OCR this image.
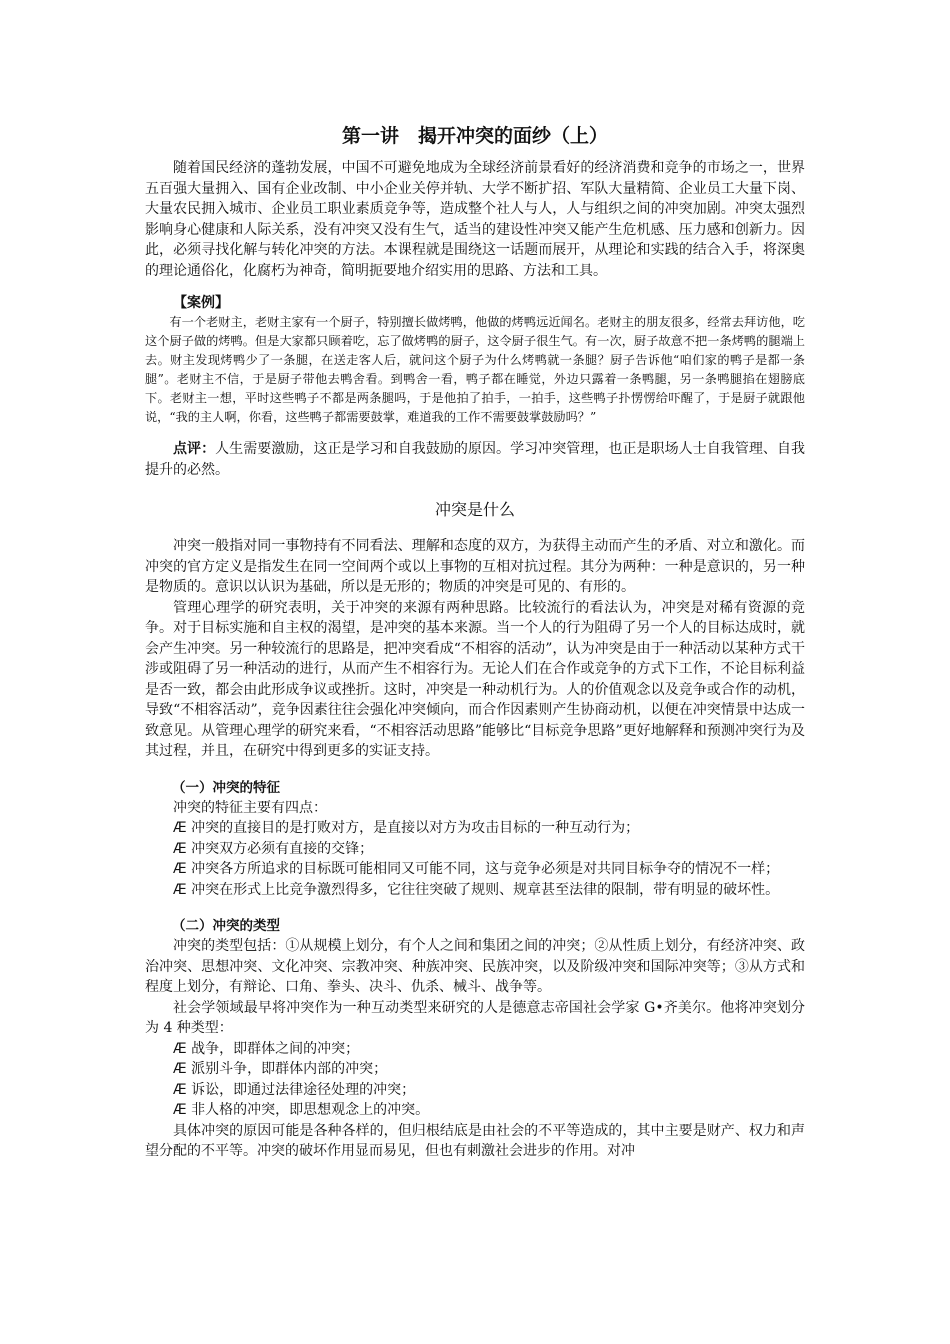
第一讲　揭开冲突的面纱（上）

随着国民经济的蓬勃发展，中国不可避免地成为全球经济前景看好的经济消费和竞争的市场之一，世界五百强大量拥入、国有企业改制、中小企业关停并轨、大学不断扩招、军队大量精简、企业员工大量下岗、大量农民拥入城市、企业员工职业素质竞争等，造成整个社人与人，人与组织之间的冲突加剧。冲突太强烈影响身心健康和人际关系，没有冲突又没有生气，适当的建设性冲突又能产生危机感、压力感和创新力。因此，必须寻找化解与转化冲突的方法。本课程就是围绕这一话题而展开，从理论和实践的结合入手，将深奥的理论通俗化，化腐朽为神奇，简明扼要地介绍实用的思路、方法和工具。

【案例】

有一个老财主，老财主家有一个厨子，特别擅长做烤鸭，他做的烤鸭远近闻名。老财主的朋友很多，经常去拜访他，吃这个厨子做的烤鸭。但是大家都只顾着吃，忘了做烤鸭的厨子，这令厨子很生气。有一次，厨子故意不把一条烤鸭的腿端上去。财主发现烤鸭少了一条腿，在送走客人后，就问这个厨子为什么烤鸭就一条腿？厨子告诉他“咱们家的鸭子是都一条腿”。老财主不信，于是厨子带他去鸭舍看。到鸭舍一看，鸭子都在睡觉，外边只露着一条鸭腿，另一条鸭腿掐在翅膀底下。老财主一想，平时这些鸭子不都是两条腿吗，于是他拍了拍手，一拍手，这些鸭子扑愣愣给吓醒了，于是厨子就跟他说，“我的主人啊，你看，这些鸭子都需要鼓掌，难道我的工作不需要鼓掌鼓励吗？”

点评：人生需要激励，这正是学习和自我鼓励的原因。学习冲突管理，也正是职场人士自我管理、自我提升的必然。

冲突是什么

冲突一般指对同一事物持有不同看法、理解和态度的双方，为获得主动而产生的矛盾、对立和激化。而冲突的官方定义是指发生在同一空间两个或以上事物的互相对抗过程。其分为两种：一种是意识的，另一种是物质的。意识以认识为基础，所以是无形的；物质的冲突是可见的、有形的。

管理心理学的研究表明，关于冲突的来源有两种思路。比较流行的看法认为，冲突是对稀有资源的竞争。对于目标实施和自主权的渴望，是冲突的基本来源。当一个人的行为阻碍了另一个人的目标达成时，就会产生冲突。另一种较流行的思路是，把冲突看成“不相容的活动”，认为冲突是由于一种活动以某种方式干涉或阻碍了另一种活动的进行，从而产生不相容行为。无论人们在合作或竞争的方式下工作，不论目标利益是否一致，都会由此形成争议或挫折。这时，冲突是一种动机行为。人的价值观念以及竞争或合作的动机，导致“不相容活动”，竞争因素往往会强化冲突倾向，而合作因素则产生协商动机，以便在冲突情景中达成一致意见。从管理心理学的研究来看，“不相容活动思路”能够比“目标竞争思路”更好地解释和预测冲突行为及其过程，并且，在研究中得到更多的实证支持。

（一）冲突的特征

冲突的特征主要有四点：

Æ 冲突的直接目的是打败对方，是直接以对方为攻击目标的一种互动行为；

Æ 冲突双方必须有直接的交锋；

Æ 冲突各方所追求的目标既可能相同又可能不同，这与竞争必须是对共同目标争夺的情况不一样；

Æ 冲突在形式上比竞争激烈得多，它往往突破了规则、规章甚至法律的限制，带有明显的破坏性。

（二）冲突的类型

冲突的类型包括：①从规模上划分，有个人之间和集团之间的冲突；②从性质上划分，有经济冲突、政治冲突、思想冲突、文化冲突、宗教冲突、种族冲突、民族冲突，以及阶级冲突和国际冲突等；③从方式和程度上划分，有辩论、口角、拳头、决斗、仇杀、械斗、战争等。

社会学领域最早将冲突作为一种互动类型来研究的人是德意志帝国社会学家 G•齐美尔。他将冲突划分为 4 种类型：

Æ 战争，即群体之间的冲突；

Æ 派别斗争，即群体内部的冲突；

Æ 诉讼，即通过法律途径处理的冲突；

Æ 非人格的冲突，即思想观念上的冲突。

具体冲突的原因可能是各种各样的，但归根结底是由社会的不平等造成的，其中主要是财产、权力和声望分配的不平等。冲突的破坏作用显而易见，但也有刺激社会进步的作用。对冲
